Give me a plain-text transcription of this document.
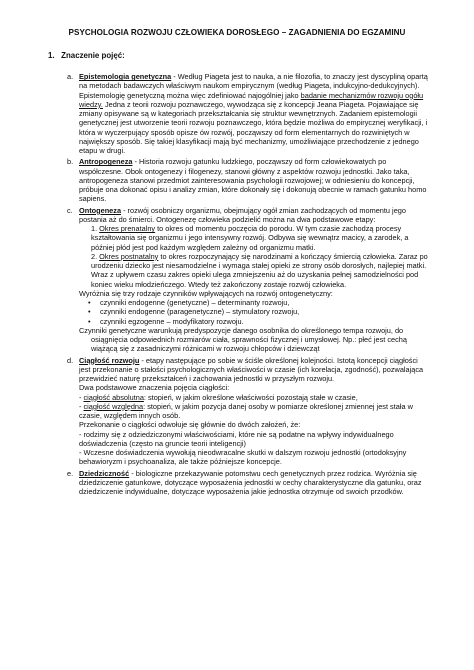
PSYCHOLOGIA ROZWOJU CZŁOWIEKA DOROSŁEGO – ZAGADNIENIA DO EGZAMINU
1. Znaczenie pojęć:
a. Epistemologia genetyczna - Według Piageta jest to nauka, a nie filozofia, to znaczy jest dyscypliną opartą na metodach badawczych właściwym naukom empirycznym (według Piageta, indukcyjno-dedukcyjnych). Epistemologię genetyczną można więc zdefiniować najogólniej jako badanie mechanizmów rozwoju ogółu wiedzy. Jedna z teorii rozwoju poznawczego, wywodząca się z koncepcji Jeana Piageta. Pojawiające się zmiany opisywane są w kategoriach przekształcania się struktur wewnętrznych. Zadaniem epistemologii genetycznej jest utworzenie teorii rozwoju poznawczego, która będzie możliwa do empirycznej weryfikacji, i która w wyczerpujący sposób opisze ów rozwój, począwszy od form elementarnych do rozwiniętych w największy sposób. Się takiej klasyfikacji mają być mechanizmy, umożliwiające przechodzenie z jednego etapu w drugi.

b. Antropogeneza - Historia rozwoju gatunku ludzkiego, począwszy od form człowiekowatych po współczesne. Obok ontogenezy i filogenezy, stanowi główny z aspektów rozwoju jednostki. Jako taka, antropogeneza stanowi przedmiot zainteresowania psychologii rozwojowej; w odniesieniu do koncepcji, próbuje ona dokonać opisu i analizy zmian, które dokonały się i dokonują obecnie w ramach gatunku homo sapiens.

c. Ontogeneza - rozwój osobniczy organizmu, obejmujący ogół zmian zachodzących od momentu jego postania aż do śmierci. Ontogenezę człowieka podzielić można na dwa podstawowe etapy:

1. Okres prenatalny to okres od momentu poczęcia do porodu. W tym czasie zachodzą procesy kształtowania się organizmu i jego intensywny rozwój. Odbywa się wewnątrz macicy, a zarodek, a później płód jest pod każdym względem zależny od organizmu matki.

2. Okres postnatalny to okres rozpoczynający się narodzinami a kończący śmiercią człowieka. Zaraz po urodzeniu dziecko jest niesamodzielne i wymaga stałej opieki ze strony osób dorosłych, najlepiej matki. Wraz z upływem czasu zakres opieki ulega zmniejszeniu aż do uzyskania pełnej samodzielności pod koniec wieku młodzieńczego. Wtedy też zakończony zostaje rozwój człowieka.

Wyróżnia się trzy rodzaje czynników wpływających na rozwój ontogenetyczny:

• czynniki endogenne (genetyczne) – determinanty rozwoju,
• czynniki endogenne (paragenetyczne) – stymulatory rozwoju,
• czynniki egzogenne – modyfikatory rozwoju.

Czynniki genetyczne warunkują predyspozycje danego osobnika do określonego tempa rozwoju, do osiągnięcia odpowiednich rozmiarów ciała, sprawności fizycznej i umysłowej. Np.: płeć jest cechą wiążącą się z zasadniczymi różnicami w rozwoju chłopców i dziewcząt

d. Ciągłość rozwoju - etapy następujące po sobie w ściśle określonej kolejności. Istotą koncepcji ciągłości jest przekonanie o stałości psychologicznych właściwości w czasie (ich korelacja, zgodność), pozwalająca przewidzieć naturę przekształceń i zachowania jednostki w przyszłym rozwoju.

Dwa podstawowe znaczenia pojęcia ciągłości:

- ciągłość absolutna: stopień, w jakim określone właściwości pozostają stałe w czasie,

- ciągłość względna: stopień, w jakim pozycja danej osoby w pomiarze określonej zmiennej jest stała w czasie, względem innych osób.

Przekonanie o ciągłości odwołuje się głównie do dwóch założeń, że:

- rodzimy się z odziedziczonymi właściwościami, które nie są podatne na wpływy indywidualnego doświadczenia (często na gruncie teorii inteligencji)

- Wczesne doświadczenia wywołują nieodwracalne skutki w dalszym rozwoju jednostki (ortodoksyjny behawioryzm i psychoanaliza, ale także późniejsze koncepcje.

e. Dziedziczność - biologiczne przekazywanie potomstwu cech genetycznych przez rodzica. Wyróżnia się dziedziczenie gatunkowe, dotyczące wyposażenia jednostki w cechy charakterystyczne dla gatunku, oraz dziedziczenie indywidualne, dotyczące wyposażenia jakie jednostka otrzymuje od swoich przodków.
